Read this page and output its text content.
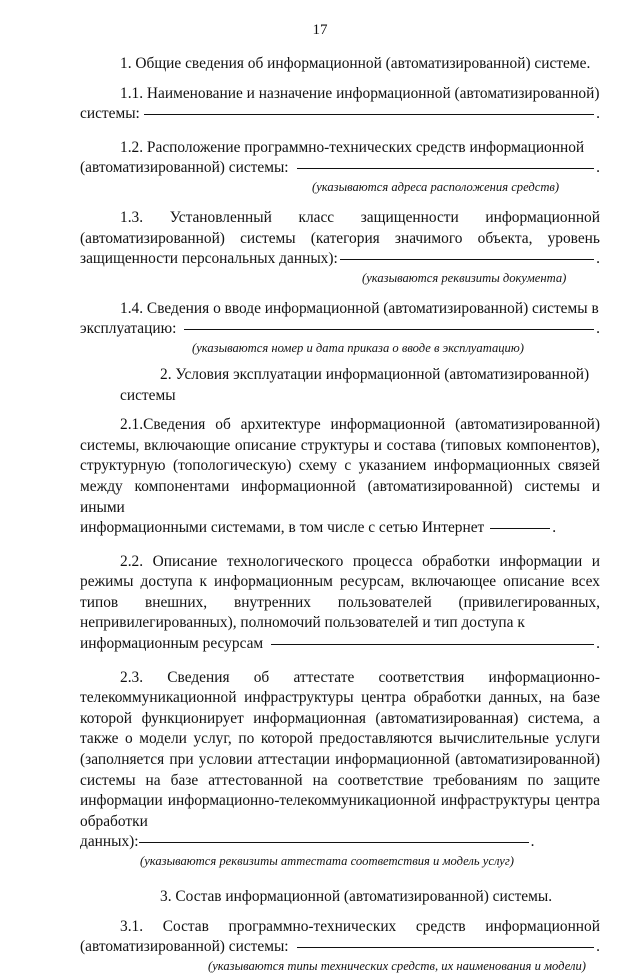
17

1. Общие сведения об информационной (автоматизированной) системе.

1.1. Наименование и назначение информационной (автоматизированной)
системы:	.
1.2. Расположение программно-технических средств информационной
(автоматизированной) системы:	.
(указываются адреса расположения средств)
1.3. Установленный класс защищенности информационной
(автоматизированной) системы (категория значимого объекта, уровень
защищенности персональных данных):	.
(указываются реквизиты документа)
1.4. Сведения о вводе информационной (автоматизированной) системы в
эксплуатацию:	.
(указываются номер и дата приказа о вводе в эксплуатацию)

2. Условия эксплуатации информационной (автоматизированной) системы

2.1.Сведения об архитектуре информационной (автоматизированной) системы, включающие описание структуры и состава (типовых компонентов), структурную (топологическую) схему с указанием информационных связей между компонентами информационной (автоматизированной) системы и иными

информационными системами, в том числе с сетью Интернет	.

2.2. Описание технологического процесса обработки информации и режимы доступа к информационным ресурсам, включающее описание всех типов внешних, внутренних пользователей (привилегированных, непривилегированных), полномочий пользователей и тип доступа к

информационным ресурсам	.

2.3. Сведения об аттестате соответствия информационно-телекоммуникационной инфраструктуры центра обработки данных, на базе которой функционирует информационная (автоматизированная) система, а также о модели услуг, по которой предоставляются вычислительные услуги (заполняется при условии аттестации информационной (автоматизированной) системы на базе аттестованной на соответствие требованиям по защите информации информационно-телекоммуникационной инфраструктуры центра обработки

данных):	.
(указываются реквизиты аттестата соответствия и модель услуг)

3. Состав информационной (автоматизированной) системы.

3.1. Состав программно-технических средств информационной
(автоматизированной) системы:	.
(указываются типы технических средств, их наименования и модели)
